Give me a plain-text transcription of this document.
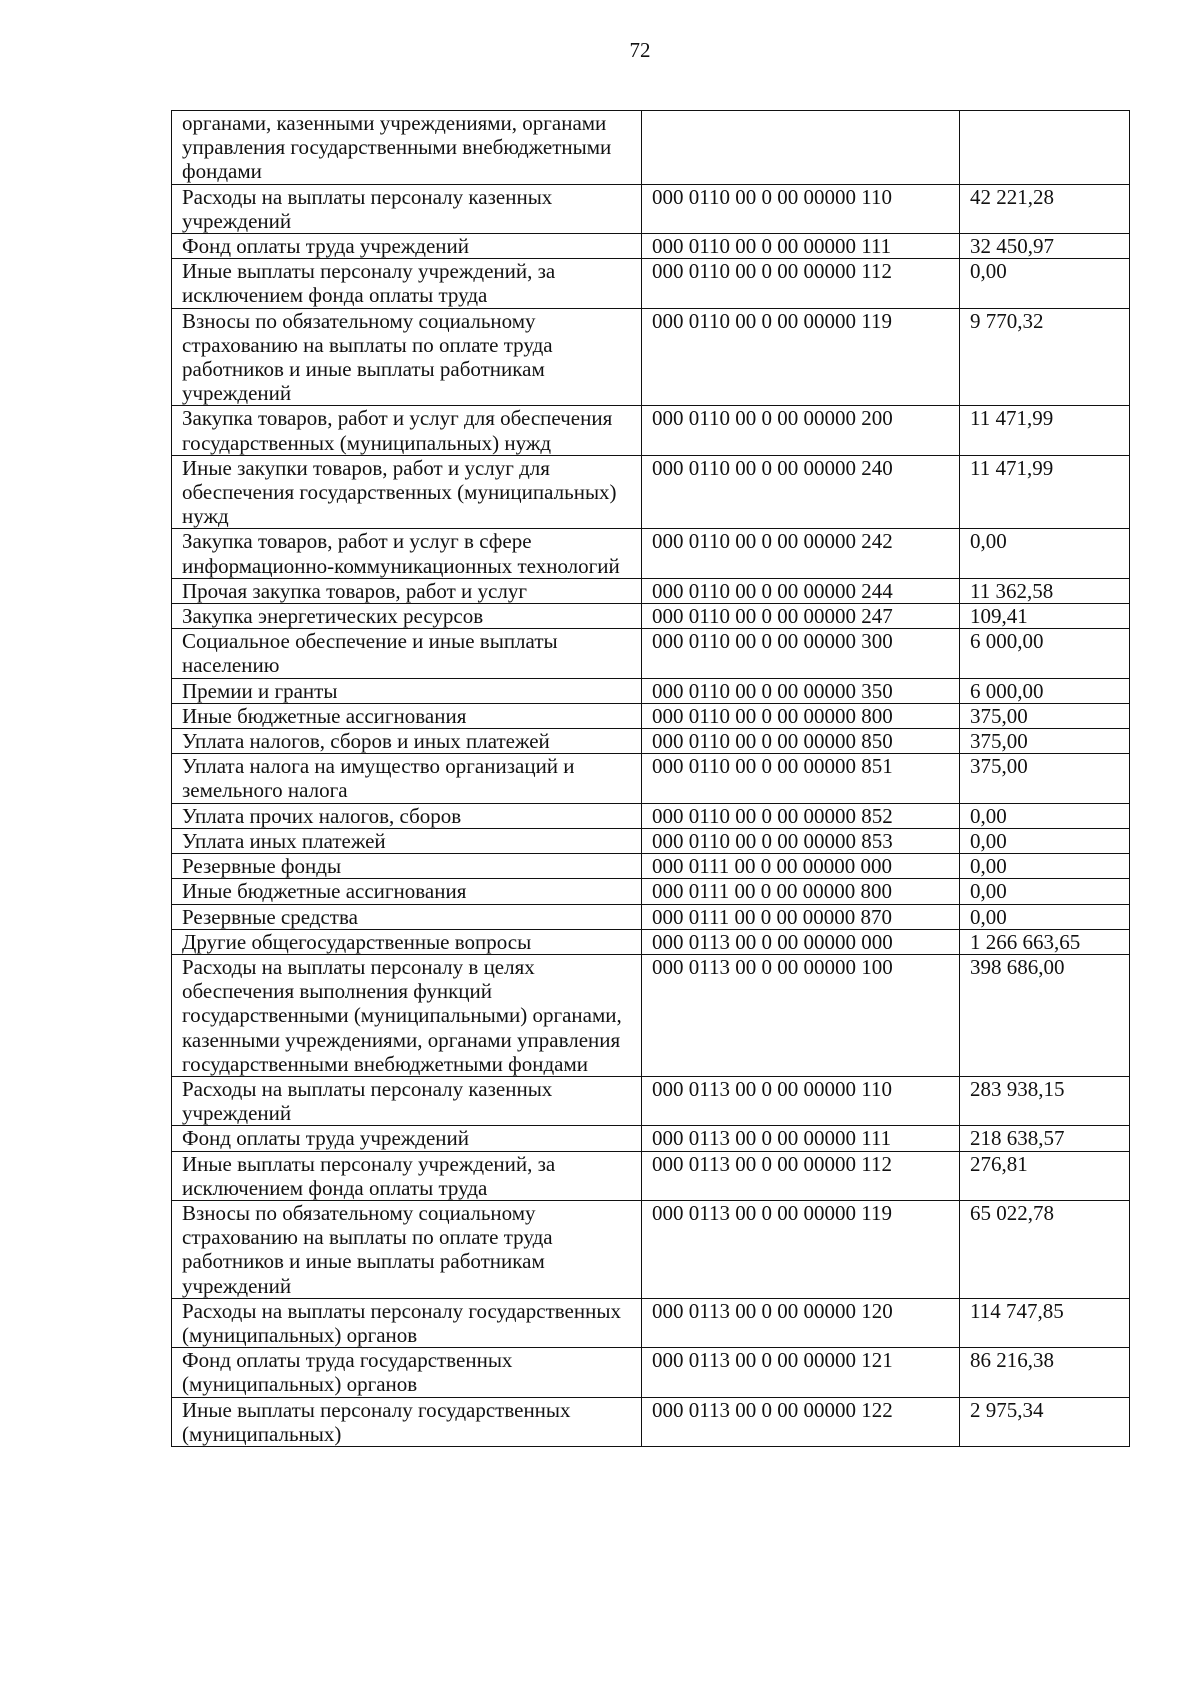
72
органами, казенными учреждениями, органами управления государственными внебюджетными фондами		
Расходы на выплаты персоналу казенных учреждений	000 0110 00 0 00 00000 110	42 221,28
Фонд оплаты труда учреждений	000 0110 00 0 00 00000 111	32 450,97
Иные выплаты персоналу учреждений, за исключением фонда оплаты труда	000 0110 00 0 00 00000 112	0,00
Взносы по обязательному социальному страхованию на выплаты по оплате труда работников и иные выплаты работникам учреждений	000 0110 00 0 00 00000 119	9 770,32
Закупка товаров, работ и услуг для обеспечения государственных (муниципальных) нужд	000 0110 00 0 00 00000 200	11 471,99
Иные закупки товаров, работ и услуг для обеспечения государственных (муниципальных) нужд	000 0110 00 0 00 00000 240	11 471,99
Закупка товаров, работ и услуг в сфере информационно-коммуникационных технологий	000 0110 00 0 00 00000 242	0,00
Прочая закупка товаров, работ и услуг	000 0110 00 0 00 00000 244	11 362,58
Закупка энергетических ресурсов	000 0110 00 0 00 00000 247	109,41
Социальное обеспечение и иные выплаты населению	000 0110 00 0 00 00000 300	6 000,00
Премии и гранты	000 0110 00 0 00 00000 350	6 000,00
Иные бюджетные ассигнования	000 0110 00 0 00 00000 800	375,00
Уплата налогов, сборов и иных платежей	000 0110 00 0 00 00000 850	375,00
Уплата налога на имущество организаций и земельного налога	000 0110 00 0 00 00000 851	375,00
Уплата прочих налогов, сборов	000 0110 00 0 00 00000 852	0,00
Уплата иных платежей	000 0110 00 0 00 00000 853	0,00
Резервные фонды	000 0111 00 0 00 00000 000	0,00
Иные бюджетные ассигнования	000 0111 00 0 00 00000 800	0,00
Резервные средства	000 0111 00 0 00 00000 870	0,00
Другие общегосударственные вопросы	000 0113 00 0 00 00000 000	1 266 663,65
Расходы на выплаты персоналу в целях обеспечения выполнения функций государственными (муниципальными) органами, казенными учреждениями, органами управления государственными внебюджетными фондами	000 0113 00 0 00 00000 100	398 686,00
Расходы на выплаты персоналу казенных учреждений	000 0113 00 0 00 00000 110	283 938,15
Фонд оплаты труда учреждений	000 0113 00 0 00 00000 111	218 638,57
Иные выплаты персоналу учреждений, за исключением фонда оплаты труда	000 0113 00 0 00 00000 112	276,81
Взносы по обязательному социальному страхованию на выплаты по оплате труда работников и иные выплаты работникам учреждений	000 0113 00 0 00 00000 119	65 022,78
Расходы на выплаты персоналу государственных (муниципальных) органов	000 0113 00 0 00 00000 120	114 747,85
Фонд оплаты труда государственных (муниципальных) органов	000 0113 00 0 00 00000 121	86 216,38
Иные выплаты персоналу государственных (муниципальных)	000 0113 00 0 00 00000 122	2 975,34
